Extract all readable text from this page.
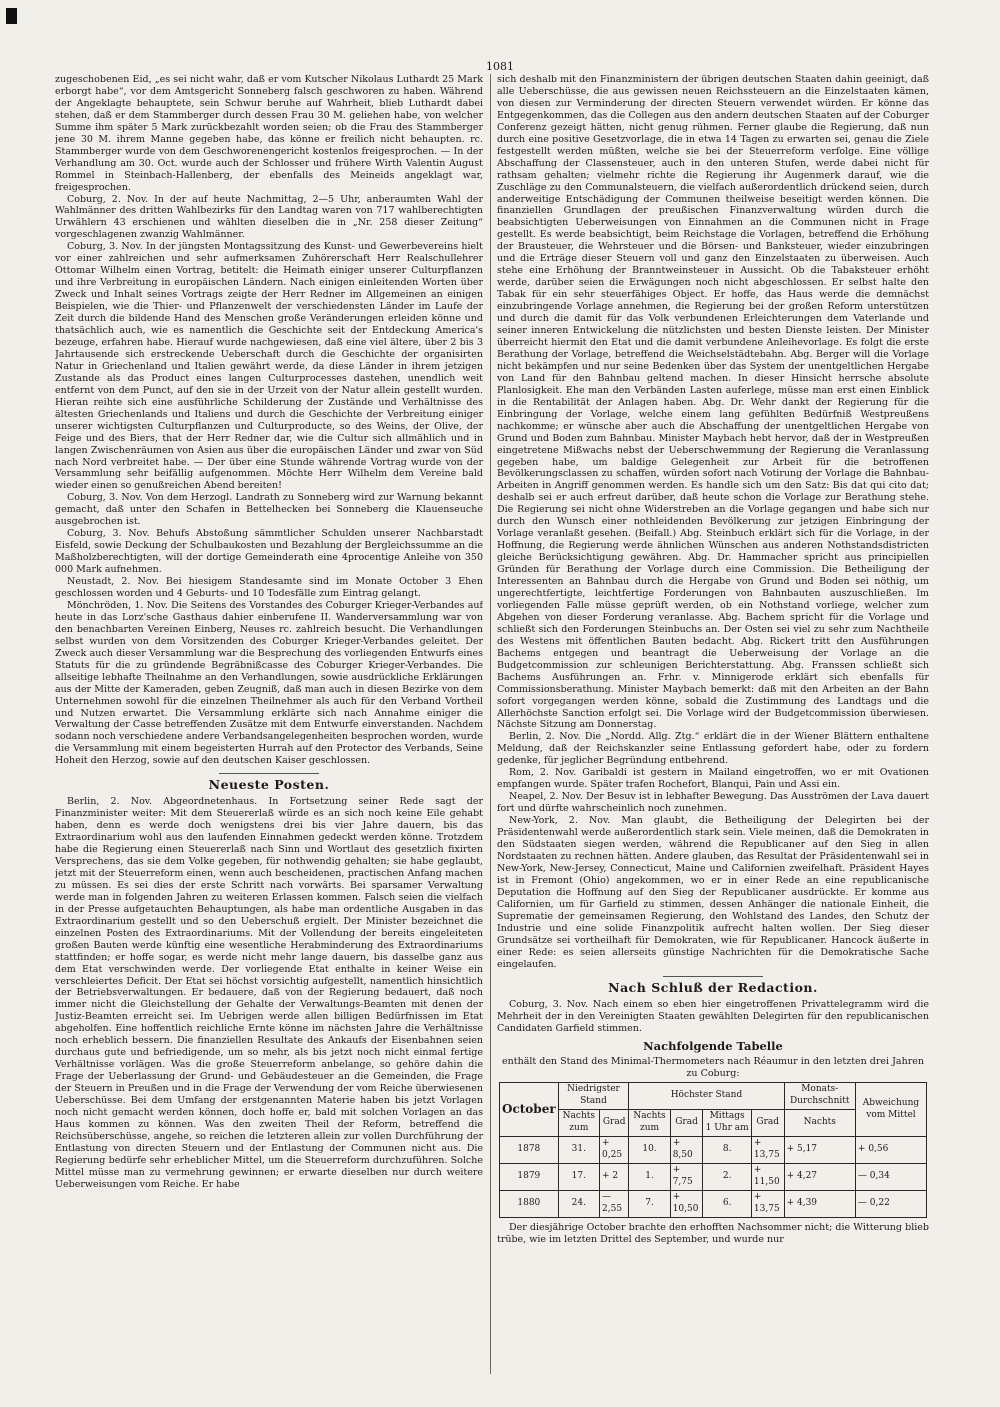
1081

zugeschobenen Eid, „es sei nicht wahr, daß er vom Kutscher Nikolaus Luthardt 25 Mark erborgt habe“, vor dem Amtsgericht Sonneberg falsch geschworen zu haben. Während der Angeklagte behauptete, sein Schwur beruhe auf Wahrheit, blieb Luthardt dabei stehen, daß er dem Stammberger durch dessen Frau 30 M. geliehen habe, von welcher Summe ihm später 5 Mark zurückbezahlt worden seien; ob die Frau des Stammberger jene 30 M. ihrem Manne gegeben habe, das könne er freilich nicht behaupten. rc. Stammberger wurde von dem Geschworenengericht kostenlos freigesprochen. — In der Verhandlung am 30. Oct. wurde auch der Schlosser und frühere Wirth Valentin August Rommel in Steinbach-Hallenberg, der ebenfalls des Meineids angeklagt war, freigesprochen.

Coburg, 2. Nov. In der auf heute Nachmittag, 2—5 Uhr, anberaumten Wahl der Wahlmänner des dritten Wahlbezirks für den Landtag waren von 717 wahlberechtigten Urwählern 43 erschienen und wählten dieselben die in „Nr. 258 dieser Zeitung“ vorgeschlagenen zwanzig Wahlmänner.

Coburg, 3. Nov. In der jüngsten Montagssitzung des Kunst- und Gewerbevereins hielt vor einer zahlreichen und sehr aufmerksamen Zuhörerschaft Herr Realschullehrer Ottomar Wilhelm einen Vortrag, betitelt: die Heimath einiger unserer Culturpflanzen und ihre Verbreitung in europäischen Ländern. Nach einigen einleitenden Worten über Zweck und Inhalt seines Vortrags zeigte der Herr Redner im Allgemeinen an einigen Beispielen, wie die Thier- und Pflanzenwelt der verschiedensten Länder im Laufe der Zeit durch die bildende Hand des Menschen große Veränderungen erleiden könne und thatsächlich auch, wie es namentlich die Geschichte seit der Entdeckung America's bezeuge, erfahren habe. Hierauf wurde nachgewiesen, daß eine viel ältere, über 2 bis 3 Jahrtausende sich erstreckende Ueberschaft durch die Geschichte der organisirten Natur in Griechenland und Italien gewährt werde, da diese Länder in ihrem jetzigen Zustande als das Product eines langen Culturprocesses dastehen, unendlich weit entfernt von dem Punct, auf den sie in der Urzeit von der Natur allein gestellt wurden. Hieran reihte sich eine ausführliche Schilderung der Zustände und Verhältnisse des ältesten Griechenlands und Italiens und durch die Geschichte der Verbreitung einiger unserer wichtigsten Culturpflanzen und Culturproducte, so des Weins, der Olive, der Feige und des Biers, that der Herr Redner dar, wie die Cultur sich allmählich und in langen Zwischenräumen von Asien aus über die europäischen Länder und zwar von Süd nach Nord verbreitet habe. — Der über eine Stunde währende Vortrag wurde von der Versammlung sehr beifällig aufgenommen. Möchte Herr Wilhelm dem Vereine bald wieder einen so genußreichen Abend bereiten!

Coburg, 3. Nov. Von dem Herzogl. Landrath zu Sonneberg wird zur Warnung bekannt gemacht, daß unter den Schafen in Bettelhecken bei Sonneberg die Klauenseuche ausgebrochen ist.

Coburg, 3. Nov. Behufs Abstoßung sämmtlicher Schulden unserer Nachbarstadt Eisfeld, sowie Deckung der Schulbaukosten und Bezahlung der Bergleichssumme an die Maßholzberechtigten, will der dortige Gemeinderath eine 4procentige Anleihe von 350 000 Mark aufnehmen.

Neustadt, 2. Nov. Bei hiesigem Standesamte sind im Monate October 3 Ehen geschlossen worden und 4 Geburts- und 10 Todesfälle zum Eintrag gelangt.

Mönchröden, 1. Nov. Die Seitens des Vorstandes des Coburger Krieger-Verbandes auf heute in das Lorz'sche Gasthaus dahier einberufene II. Wanderversammlung war von den benachbarten Vereinen Einberg, Neuses rc. zahlreich besucht. Die Verhandlungen selbst wurden von dem Vorsitzenden des Coburger Krieger-Verbandes geleitet. Der Zweck auch dieser Versammlung war die Besprechung des vorliegenden Entwurfs eines Statuts für die zu gründende Begräbnißcasse des Coburger Krieger-Verbandes. Die allseitige lebhafte Theilnahme an den Verhandlungen, sowie ausdrückliche Erklärungen aus der Mitte der Kameraden, geben Zeugniß, daß man auch in diesen Bezirke von dem Unternehmen sowohl für die einzelnen Theilnehmer als auch für den Verband Vortheil und Nutzen erwartet. Die Versammlung erklärte sich nach Annahme einiger die Verwaltung der Casse betreffenden Zusätze mit dem Entwurfe einverstanden. Nachdem sodann noch verschiedene andere Verbandsangelegenheiten besprochen worden, wurde die Versammlung mit einem begeisterten Hurrah auf den Protector des Verbands, Seine Hoheit den Herzog, sowie auf den deutschen Kaiser geschlossen.

Neueste Posten.

Berlin, 2. Nov. Abgeordnetenhaus. In Fortsetzung seiner Rede sagt der Finanzminister weiter: Mit dem Steuererlaß würde es an sich noch keine Eile gehabt haben, denn es werde doch wenigstens drei bis vier Jahre dauern, bis das Extraordinarium wohl aus den laufenden Einnahmen gedeckt werden könne. Trotzdem habe die Regierung einen Steuererlaß nach Sinn und Wortlaut des gesetzlich fixirten Versprechens, das sie dem Volke gegeben, für nothwendig gehalten; sie habe geglaubt, jetzt mit der Steuerreform einen, wenn auch bescheidenen, practischen Anfang machen zu müssen. Es sei dies der erste Schritt nach vorwärts. Bei sparsamer Verwaltung werde man in folgenden Jahren zu weiteren Erlassen kommen. Falsch seien die vielfach in der Presse aufgetauchten Behauptungen, als habe man ordentliche Ausgaben in das Extraordinarium gestellt und so den Ueberschuß ergielt. Der Minister bezeichnet die einzelnen Posten des Extraordinariums. Mit der Vollendung der bereits eingeleiteten großen Bauten werde künftig eine wesentliche Herabminderung des Extraordinariums stattfinden; er hoffe sogar, es werde nicht mehr lange dauern, bis dasselbe ganz aus dem Etat verschwinden werde. Der vorliegende Etat enthalte in keiner Weise ein verschleiertes Deficit. Der Etat sei höchst vorsichtig aufgestellt, namentlich hinsichtlich der Betriebsverwaltungen. Er bedauere, daß von der Regierung bedauert, daß noch immer nicht die Gleichstellung der Gehalte der Verwaltungs-Beamten mit denen der Justiz-Beamten erreicht sei. Im Uebrigen werde allen billigen Bedürfnissen im Etat abgeholfen. Eine hoffentlich reichliche Ernte könne im nächsten Jahre die Verhältnisse noch erheblich bessern. Die finanziellen Resultate des Ankaufs der Eisenbahnen seien durchaus gute und befriedigende, um so mehr, als bis jetzt noch nicht einmal fertige Verhältnisse vorlägen. Was die große Steuerreform anbelange, so gehöre dahin die Frage der Ueberlassung der Grund- und Gebäudesteuer an die Gemeinden, die Frage der Steuern in Preußen und in die Frage der Verwendung der vom Reiche überwiesenen Ueberschüsse. Bei dem Umfang der erstgenannten Materie haben bis jetzt Vorlagen noch nicht gemacht werden können, doch hoffe er, bald mit solchen Vorlagen an das Haus kommen zu können. Was den zweiten Theil der Reform, betreffend die Reichsüberschüsse, angehe, so reichen die letzteren allein zur vollen Durchführung der Entlastung von directen Steuern und der Entlastung der Communen nicht aus. Die Regierung bedürfe sehr erheblicher Mittel, um die Steuerreform durchzuführen. Solche Mittel müsse man zu vermehrung gewinnen; er erwarte dieselben nur durch weitere Ueberweisungen vom Reiche. Er habe

sich deshalb mit den Finanzministern der übrigen deutschen Staaten dahin geeinigt, daß alle Ueberschüsse, die aus gewissen neuen Reichssteuern an die Einzelstaaten kämen, von diesen zur Verminderung der directen Steuern verwendet würden. Er könne das Entgegenkommen, das die Collegen aus den andern deutschen Staaten auf der Coburger Conferenz gezeigt hätten, nicht genug rühmen. Ferner glaube die Regierung, daß nun durch eine positive Gesetzvorlage, die in etwa 14 Tagen zu erwarten sei, genau die Ziele festgestellt werden müßten, welche sie bei der Steuerreform verfolge. Eine völlige Abschaffung der Classensteuer, auch in den unteren Stufen, werde dabei nicht für rathsam gehalten; vielmehr richte die Regierung ihr Augenmerk darauf, wie die Zuschläge zu den Communalsteuern, die vielfach außerordentlich drückend seien, durch anderweitige Entschädigung der Communen theilweise beseitigt werden können. Die finanziellen Grundlagen der preußischen Finanzverwaltung würden durch die beabsichtigten Ueberweisungen von Einnahmen an die Communen nicht in Frage gestellt. Es werde beabsichtigt, beim Reichstage die Vorlagen, betreffend die Erhöhung der Brausteuer, die Wehrsteuer und die Börsen- und Banksteuer, wieder einzubringen und die Erträge dieser Steuern voll und ganz den Einzelstaaten zu überweisen. Auch stehe eine Erhöhung der Branntweinsteuer in Aussicht. Ob die Tabaksteuer erhöht werde, darüber seien die Erwägungen noch nicht abgeschlossen. Er selbst halte den Tabak für ein sehr steuerfähiges Object. Er hoffe, das Haus werde die demnächst einzubringende Vorlage annehmen, die Regierung bei der großen Reform unterstützen und durch die damit für das Volk verbundenen Erleichterungen dem Vaterlande und seiner inneren Entwickelung die nützlichsten und besten Dienste leisten. Der Minister überreicht hiermit den Etat und die damit verbundene Anleihevorlage. Es folgt die erste Berathung der Vorlage, betreffend die Weichselstädtebahn. Abg. Berger will die Vorlage nicht bekämpfen und nur seine Bedenken über das System der unentgeltlichen Hergabe von Land für den Bahnbau geltend machen. In dieser Hinsicht herrsche absolute Planlosigkeit. Ehe man den Verbänden Lasten auferlege, müsse man erst einen Einblick in die Rentabilität der Anlagen haben. Abg. Dr. Wehr dankt der Regierung für die Einbringung der Vorlage, welche einem lang gefühlten Bedürfniß Westpreußens nachkomme; er wünsche aber auch die Abschaffung der unentgeltlichen Hergabe von Grund und Boden zum Bahnbau. Minister Maybach hebt hervor, daß der in Westpreußen eingetretene Mißwachs nebst der Ueberschwemmung der Regierung die Veranlassung gegeben habe, um baldige Gelegenheit zur Arbeit für die betroffenen Bevölkerungsclassen zu schaffen, würden sofort nach Votirung der Vorlage die Bahnbau-Arbeiten in Angriff genommen werden. Es handle sich um den Satz: Bis dat qui cito dat; deshalb sei er auch erfreut darüber, daß heute schon die Vorlage zur Berathung stehe. Die Regierung sei nicht ohne Widerstreben an die Vorlage gegangen und habe sich nur durch den Wunsch einer nothleidenden Bevölkerung zur jetzigen Einbringung der Vorlage veranlaßt gesehen. (Beifall.) Abg. Steinbuch erklärt sich für die Vorlage, in der Hoffnung, die Regierung werde ähnlichen Wünschen aus anderen Nothstandsdistricten gleiche Berücksichtigung gewähren. Abg. Dr. Hammacher spricht aus principiellen Gründen für Berathung der Vorlage durch eine Commission. Die Betheiligung der Interessenten an Bahnbau durch die Hergabe von Grund und Boden sei nöthig, um ungerechtfertigte, leichtfertige Forderungen von Bahnbauten auszuschließen. Im vorliegenden Falle müsse geprüft werden, ob ein Nothstand vorliege, welcher zum Abgehen von dieser Forderung veranlasse. Abg. Bachem spricht für die Vorlage und schließt sich den Forderungen Steinbuchs an. Der Osten sei viel zu sehr zum Nachtheile des Westens mit öffentlichen Bauten bedacht. Abg. Rickert tritt den Ausführungen Bachems entgegen und beantragt die Ueberweisung der Vorlage an die Budgetcommission zur schleunigen Berichterstattung. Abg. Franssen schließt sich Bachems Ausführungen an. Frhr. v. Minnigerode erklärt sich ebenfalls für Commissionsberathung. Minister Maybach bemerkt: daß mit den Arbeiten an der Bahn sofort vorgegangen werden könne, sobald die Zustimmung des Landtags und die Allerhöchste Sanction erfolgt sei. Die Vorlage wird der Budgetcommission überwiesen. Nächste Sitzung am Donnerstag.

Berlin, 2. Nov. Die „Nordd. Allg. Ztg.“ erklärt die in der Wiener Blättern enthaltene Meldung, daß der Reichskanzler seine Entlassung gefordert habe, oder zu fordern gedenke, für jeglicher Begründung entbehrend.

Rom, 2. Nov. Garibaldi ist gestern in Mailand eingetroffen, wo er mit Ovationen empfangen wurde. Später trafen Rochefort, Blanqui, Pain und Assi ein.

Neapel, 2. Nov. Der Besuv ist in lebhafter Bewegung. Das Ausströmen der Lava dauert fort und dürfte wahrscheinlich noch zunehmen.

New-York, 2. Nov. Man glaubt, die Betheiligung der Delegirten bei der Präsidentenwahl werde außerordentlich stark sein. Viele meinen, daß die Demokraten in den Südstaaten siegen werden, während die Republicaner auf den Sieg in allen Nordstaaten zu rechnen hätten. Andere glauben, das Resultat der Präsidentenwahl sei in New-York, New-Jersey, Connecticut, Maine und Californien zweifelhaft. Präsident Hayes ist in Fremont (Ohio) angekommen, wo er in einer Rede an eine republicanische Deputation die Hoffnung auf den Sieg der Republicaner ausdrückte. Er komme aus Californien, um für Garfield zu stimmen, dessen Anhänger die nationale Einheit, die Suprematie der gemeinsamen Regierung, den Wohlstand des Landes, den Schutz der Industrie und eine solide Finanzpolitik aufrecht halten wollen. Der Sieg dieser Grundsätze sei vortheilhaft für Demokraten, wie für Republicaner. Hancock äußerte in einer Rede: es seien allerseits günstige Nachrichten für die Demokratische Sache eingelaufen.

Nach Schluß der Redaction.

Coburg, 3. Nov. Nach einem so eben hier eingetroffenen Privattelegramm wird die Mehrheit der in den Vereinigten Staaten gewählten Delegirten für den republicanischen Candidaten Garfield stimmen.

Nachfolgende Tabelle

enthält den Stand des Minimal-Thermometers nach Réaumur in den letzten drei Jahren zu Coburg:

October	Niedrigster Stand		Höchster Stand				Monats-Durchschnitt	Abweichung vom Mittel
	Nachts zum	Grad	Nachts zum	Grad	Mittags 1 Uhr am	Grad	Nachts	
1878	31.	+ 0,25	10.	+ 8,50	8.	+ 13,75	+ 5,17	+ 0,56
1879	17.	+ 2	1.	+ 7,75	2.	+ 11,50	+ 4,27	— 0,34
1880	24.	— 2,55	7.	+ 10,50	6.	+ 13,75	+ 4,39	— 0,22

Der diesjährige October brachte den erhofften Nachsommer nicht; die Witterung blieb trübe, wie im letzten Drittel des September, und wurde nur
